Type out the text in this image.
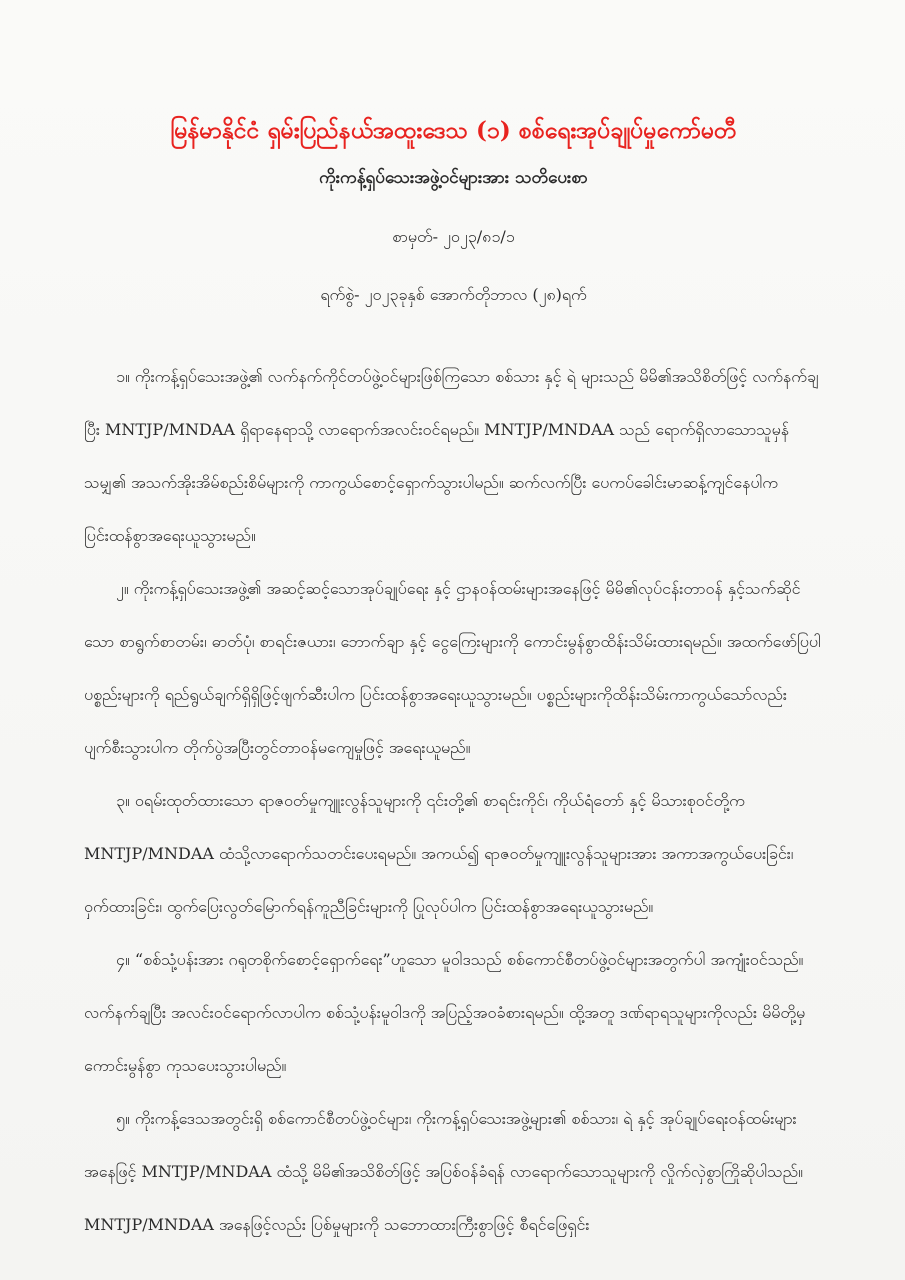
မြန်မာနိုင်ငံ ရှမ်းပြည်နယ်အထူးဒေသ (၁) စစ်ရေးအုပ်ချုပ်မှုကော်မတီ
ကိုးကန့်ရှပ်သေးအဖွဲ့ဝင်များအား သတိပေးစာ

စာမှတ်- ၂၀၂၃/၈၁/၁

ရက်စွဲ- ၂၀၂၃ခုနှစ် အောက်တိုဘာလ (၂၈)ရက်

၁။ ကိုးကန့်ရှပ်သေးအဖွဲ့၏ လက်နက်ကိုင်တပ်ဖွဲ့ဝင်များဖြစ်ကြသော စစ်သား နှင့် ရဲ များသည် မိမိ၏အသိစိတ်ဖြင့် လက်နက်ချပြီး MNTJP/MNDAA ရှိရာနေရာသို့ လာရောက်အလင်းဝင်ရမည်။ MNTJP/MNDAA သည် ရောက်ရှိလာသောသူမှန်သမျှ၏ အသက်အိုးအိမ်စည်းစိမ်များကို ကာကွယ်စောင့်ရှောက်သွားပါမည်။ ဆက်လက်ပြီး ပေကပ်ခေါင်းမာဆန့်ကျင်နေပါက ပြင်းထန်စွာအရေးယူသွားမည်။

၂။ ကိုးကန့်ရှပ်သေးအဖွဲ့၏ အဆင့်ဆင့်သောအုပ်ချုပ်ရေး နှင့် ဌာနဝန်ထမ်းများအနေဖြင့် မိမိ၏လုပ်ငန်းတာဝန် နှင့်သက်ဆိုင်သော စာရွက်စာတမ်း၊ ဓာတ်ပုံ၊ စာရင်းဇယား၊ ဘောက်ချာ နှင့် ငွေကြေးများကို ကောင်းမွန်စွာထိန်းသိမ်းထားရမည်။ အထက်ဖော်ပြပါပစ္စည်းများကို ရည်ရွယ်ချက်ရှိရှိဖြင့်ဖျက်ဆီးပါက ပြင်းထန်စွာအရေးယူသွားမည်။ ပစ္စည်းများကိုထိန်းသိမ်းကာကွယ်သော်လည်းပျက်စီးသွားပါက တိုက်ပွဲအပြီးတွင်တာဝန်မကျေမှုဖြင့် အရေးယူမည်။

၃။ ဝရမ်းထုတ်ထားသော ရာဇဝတ်မှုကျူးလွန်သူများကို ၎င်းတို့၏ စာရင်းကိုင်၊ ကိုယ်ရံတော် နှင့် မိသားစုဝင်တို့က MNTJP/MNDAA ထံသို့လာရောက်သတင်းပေးရမည်။ အကယ်၍ ရာဇဝတ်မှုကျူးလွန်သူများအား အကာအကွယ်ပေးခြင်း၊ ဝှက်ထားခြင်း၊ ထွက်ပြေးလွတ်မြောက်ရန်ကူညီခြင်းများကို ပြုလုပ်ပါက ပြင်းထန်စွာအရေးယူသွားမည်။

၄။ “စစ်သုံ့ပန်းအား ဂရုတစိုက်စောင့်ရှောက်ရေး”ဟူသော မူဝါဒသည် စစ်ကောင်စီတပ်ဖွဲ့ဝင်များအတွက်ပါ အကျုံးဝင်သည်။ လက်နက်ချပြီး အလင်းဝင်ရောက်လာပါက စစ်သုံ့ပန်းမူဝါဒကို အပြည့်အဝခံစားရမည်။ ထို့အတူ ဒဏ်ရာရသူများကိုလည်း မိမိတို့မှ ကောင်းမွန်စွာ ကုသပေးသွားပါမည်။

၅။ ကိုးကန့်ဒေသအတွင်းရှိ စစ်ကောင်စီတပ်ဖွဲ့ဝင်များ၊ ကိုးကန့်ရှပ်သေးအဖွဲ့များ၏ စစ်သား၊ ရဲ နှင့် အုပ်ချုပ်ရေးဝန်ထမ်းများအနေဖြင့် MNTJP/MNDAA ထံသို့ မိမိ၏အသိစိတ်ဖြင့် အပြစ်ဝန်ခံရန် လာရောက်သောသူများကို လှိုက်လှဲစွာကြိုဆိုပါသည်။ MNTJP/MNDAA အနေဖြင့်လည်း ပြစ်မှုများကို သဘောထားကြီးစွာဖြင့် စီရင်ဖြေရှင်း
